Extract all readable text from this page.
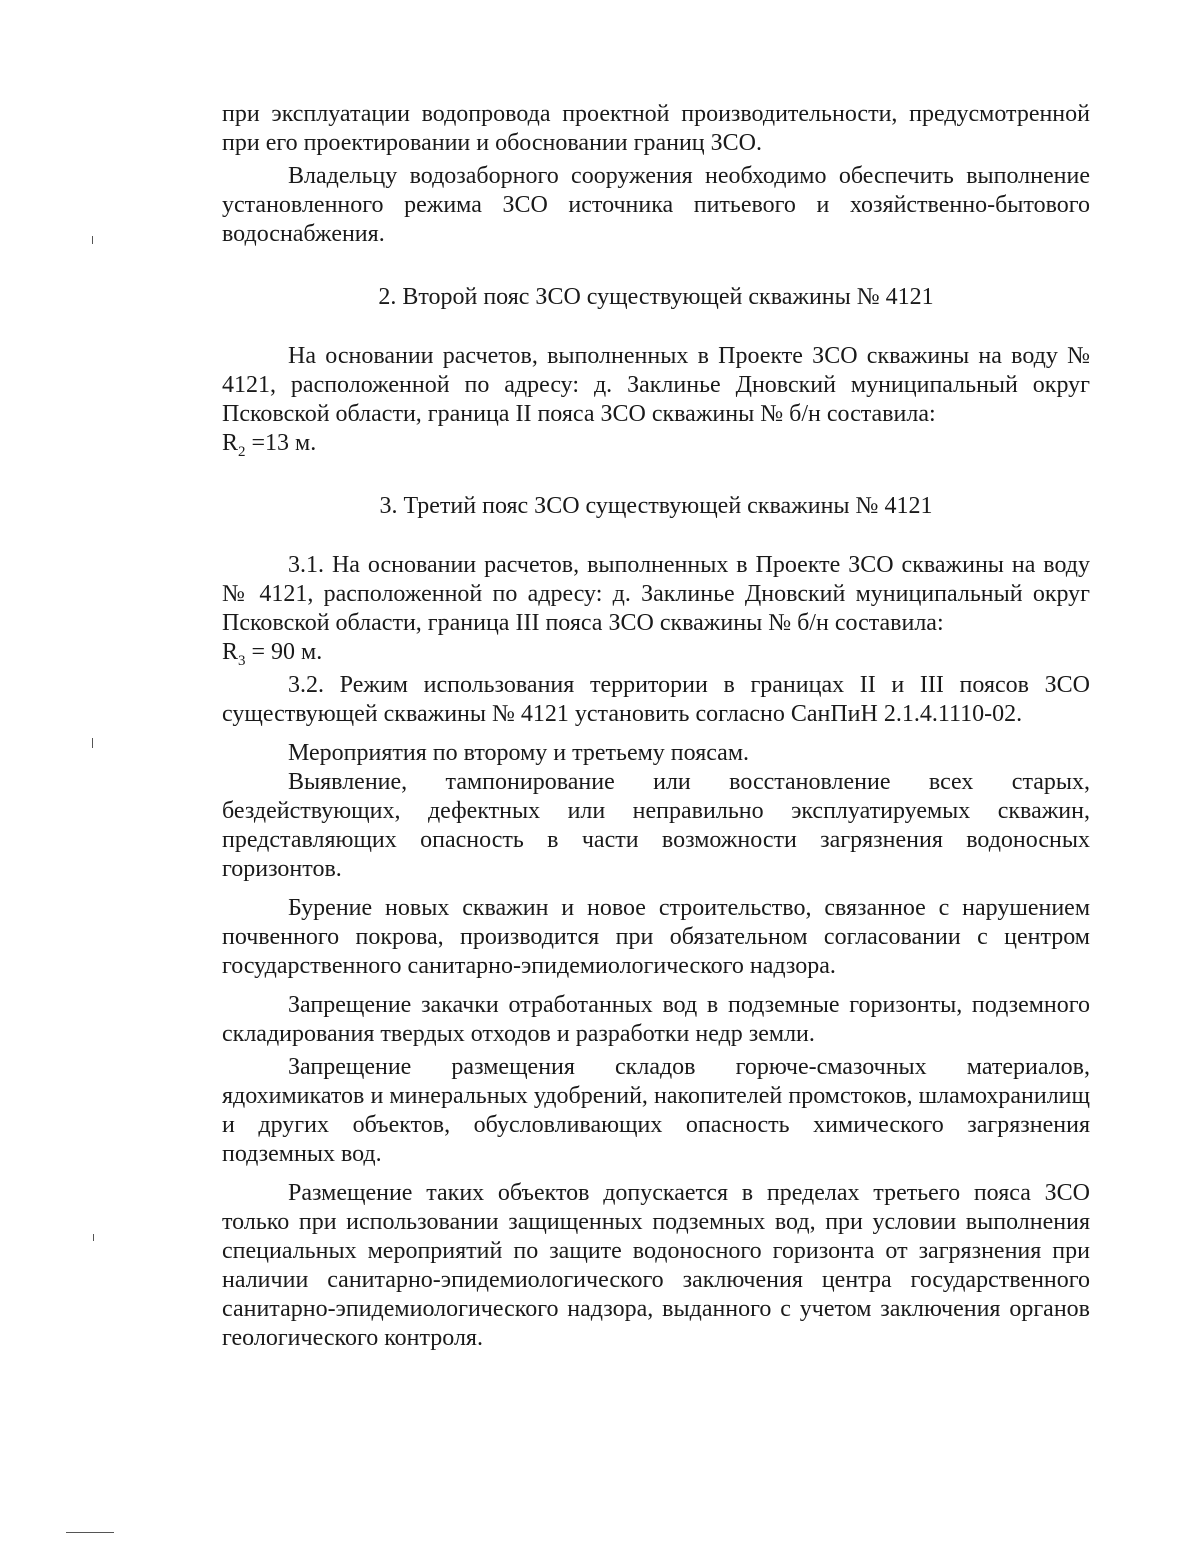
при эксплуатации водопровода проектной производительности, предусмотренной при его проектировании и обосновании границ ЗСО.

Владельцу водозаборного сооружения необходимо обеспечить выполнение установленного режима ЗСО источника питьевого и хозяйственно-бытового водоснабжения.

2. Второй пояс ЗСО существующей скважины № 4121

На основании расчетов, выполненных в Проекте ЗСО скважины на воду № 4121, расположенной по адресу: д. Заклинье Дновский муниципальный округ Псковской области, граница II пояса ЗСО скважины № б/н составила:

$R_2 =13$ м.

3. Третий пояс ЗСО существующей скважины № 4121

3.1. На основании расчетов, выполненных в Проекте ЗСО скважины на воду № 4121, расположенной по адресу: д. Заклинье Дновский муниципальный округ Псковской области, граница III пояса ЗСО скважины № б/н составила:

$R_3 = 90$ м.

3.2. Режим использования территории в границах II и III поясов ЗСО существующей скважины № 4121 установить согласно СанПиН 2.1.4.1110-02.

Мероприятия по второму и третьему поясам.

Выявление, тампонирование или восстановление всех старых, бездействующих, дефектных или неправильно эксплуатируемых скважин, представляющих опасность в части возможности загрязнения водоносных горизонтов.

Бурение новых скважин и новое строительство, связанное с нарушением почвенного покрова, производится при обязательном согласовании с центром государственного санитарно-эпидемиологического надзора.

Запрещение закачки отработанных вод в подземные горизонты, подземного складирования твердых отходов и разработки недр земли.

Запрещение размещения складов горюче-смазочных материалов, ядохимикатов и минеральных удобрений, накопителей промстоков, шламохранилищ и других объектов, обусловливающих опасность химического загрязнения подземных вод.

Размещение таких объектов допускается в пределах третьего пояса ЗСО только при использовании защищенных подземных вод, при условии выполнения специальных мероприятий по защите водоносного горизонта от загрязнения при наличии санитарно-эпидемиологического заключения центра государственного санитарно-эпидемиологического надзора, выданного с учетом заключения органов геологического контроля.
